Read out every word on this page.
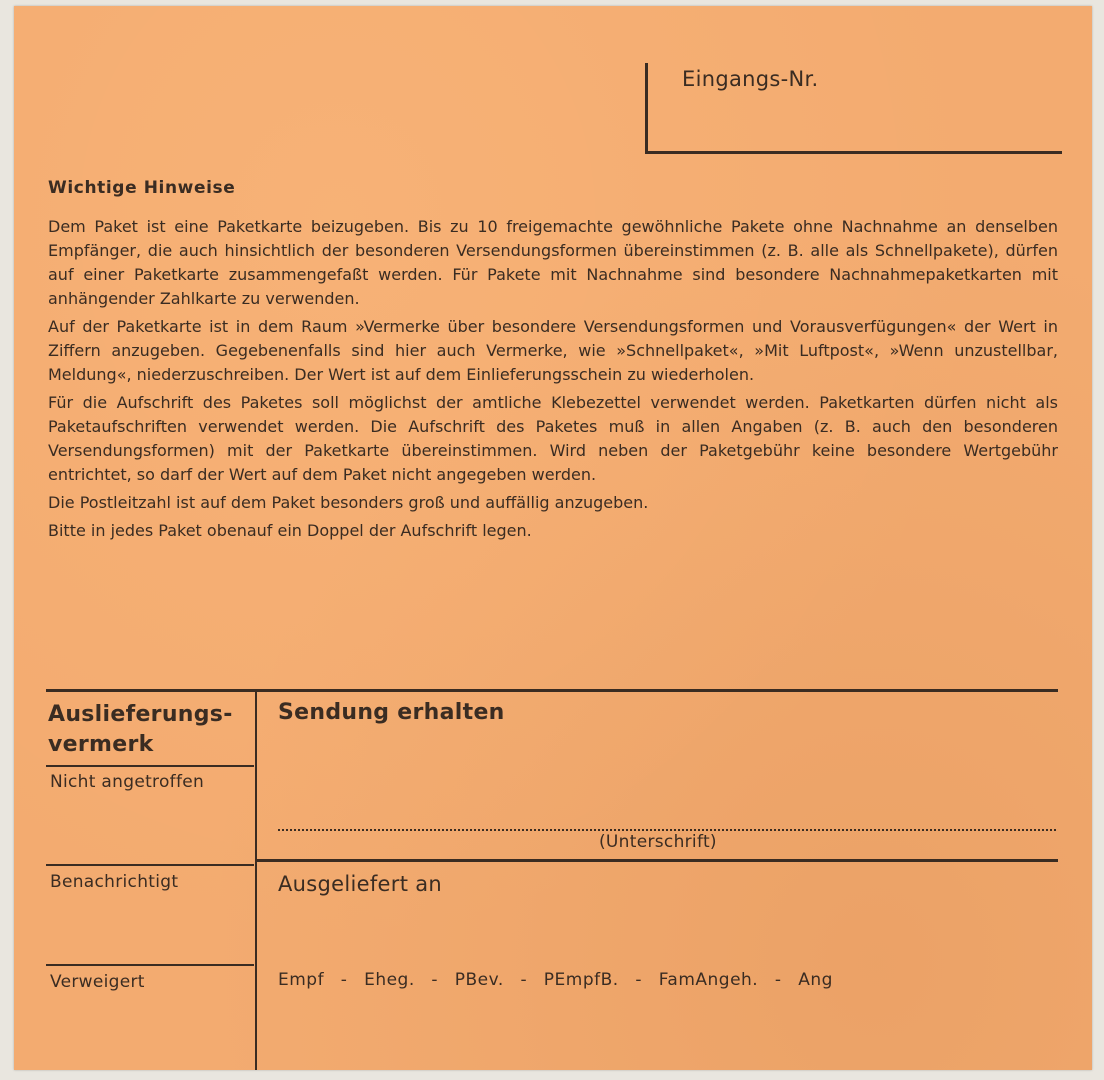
Eingangs-Nr.
Wichtige Hinweise

Dem Paket ist eine Paketkarte beizugeben. Bis zu 10 freigemachte gewöhnliche Pakete ohne Nachnahme an denselben Empfänger, die auch hinsichtlich der besonderen Versendungsformen übereinstimmen (z. B. alle als Schnellpakete), dürfen auf einer Paketkarte zusammengefaßt werden. Für Pakete mit Nachnahme sind besondere Nachnahmepaketkarten mit anhängender Zahlkarte zu verwenden.

Auf der Paketkarte ist in dem Raum »Vermerke über besondere Versendungsformen und Vorausverfügungen« der Wert in Ziffern anzugeben. Gegebenenfalls sind hier auch Vermerke, wie »Schnellpaket«, »Mit Luftpost«, »Wenn unzustellbar, Meldung«, niederzuschreiben. Der Wert ist auf dem Einlieferungsschein zu wiederholen.

Für die Aufschrift des Paketes soll möglichst der amtliche Klebezettel verwendet werden. Paketkarten dürfen nicht als Paketaufschriften verwendet werden. Die Aufschrift des Paketes muß in allen Angaben (z. B. auch den besonderen Versendungsformen) mit der Paketkarte übereinstimmen. Wird neben der Paketgebühr keine besondere Wertgebühr entrichtet, so darf der Wert auf dem Paket nicht angegeben werden.

Die Postleitzahl ist auf dem Paket besonders groß und auffällig anzugeben.

Bitte in jedes Paket obenauf ein Doppel der Aufschrift legen.

Auslieferungs-
vermerk
Nicht angetroffen
Benachrichtigt
Verweigert
Sendung erhalten
(Unterschrift)
Ausgeliefert an
Empf - Eheg. - PBev. - PEmpfB. - FamAngeh. - Ang
